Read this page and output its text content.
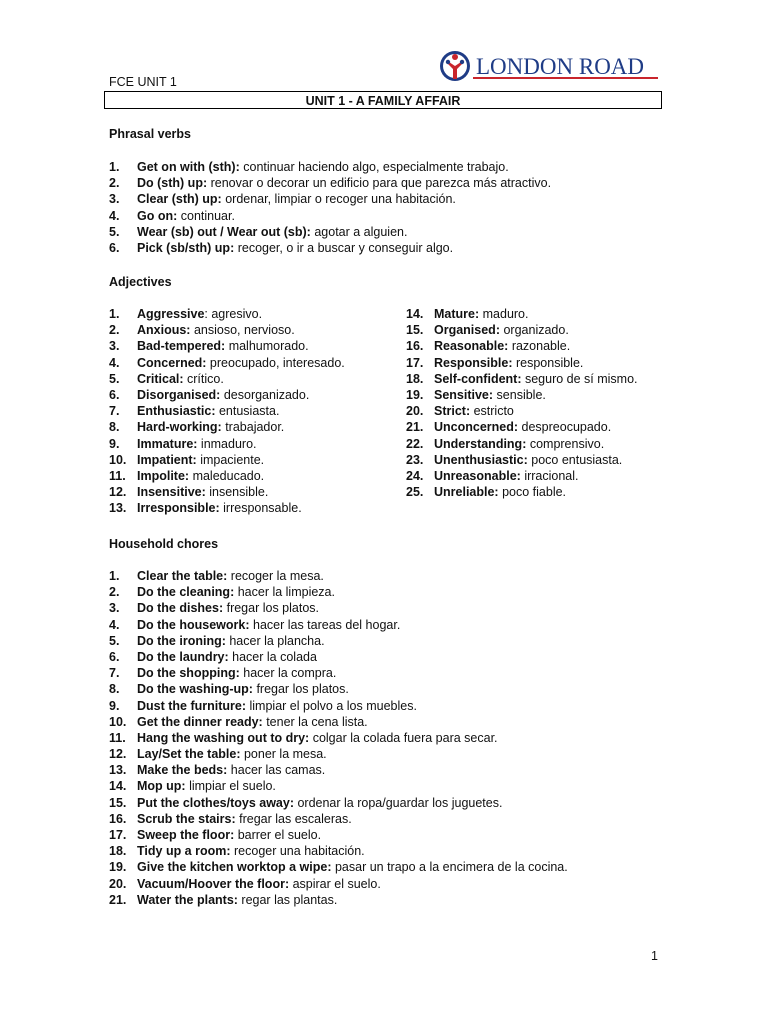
FCE UNIT 1
LONDON ROAD
UNIT 1 - A FAMILY AFFAIR
Phrasal verbs
1. Get on with (sth): continuar haciendo algo, especialmente trabajo.
2. Do (sth) up: renovar o decorar un edificio para que parezca más atractivo.
3. Clear (sth) up: ordenar, limpiar o recoger una habitación.
4. Go on: continuar.
5. Wear (sb) out / Wear out (sb): agotar a alguien.
6. Pick (sb/sth) up: recoger, o ir a buscar y conseguir algo.
Adjectives
1. Aggressive: agresivo.
2. Anxious: ansioso, nervioso.
3. Bad-tempered: malhumorado.
4. Concerned: preocupado, interesado.
5. Critical: crítico.
6. Disorganised: desorganizado.
7. Enthusiastic: entusiasta.
8. Hard-working: trabajador.
9. Immature: inmaduro.
10. Impatient: impaciente.
11. Impolite: maleducado.
12. Insensitive: insensible.
13. Irresponsible: irresponsable.
14. Mature: maduro.
15. Organised: organizado.
16. Reasonable: razonable.
17. Responsible: responsible.
18. Self-confident: seguro de sí mismo.
19. Sensitive: sensible.
20. Strict: estricto
21. Unconcerned: despreocupado.
22. Understanding: comprensivo.
23. Unenthusiastic: poco entusiasta.
24. Unreasonable: irracional.
25. Unreliable: poco fiable.
Household chores
1. Clear the table: recoger la mesa.
2. Do the cleaning: hacer la limpieza.
3. Do the dishes: fregar los platos.
4. Do the housework: hacer las tareas del hogar.
5. Do the ironing: hacer la plancha.
6. Do the laundry: hacer la colada
7. Do the shopping: hacer la compra.
8. Do the washing-up: fregar los platos.
9. Dust the furniture: limpiar el polvo a los muebles.
10. Get the dinner ready: tener la cena lista.
11. Hang the washing out to dry: colgar la colada fuera para secar.
12. Lay/Set the table: poner la mesa.
13. Make the beds: hacer las camas.
14. Mop up: limpiar el suelo.
15. Put the clothes/toys away: ordenar la ropa/guardar los juguetes.
16. Scrub the stairs: fregar las escaleras.
17. Sweep the floor: barrer el suelo.
18. Tidy up a room: recoger una habitación.
19. Give the kitchen worktop a wipe: pasar un trapo a la encimera de la cocina.
20. Vacuum/Hoover the floor: aspirar el suelo.
21. Water the plants: regar las plantas.
1
